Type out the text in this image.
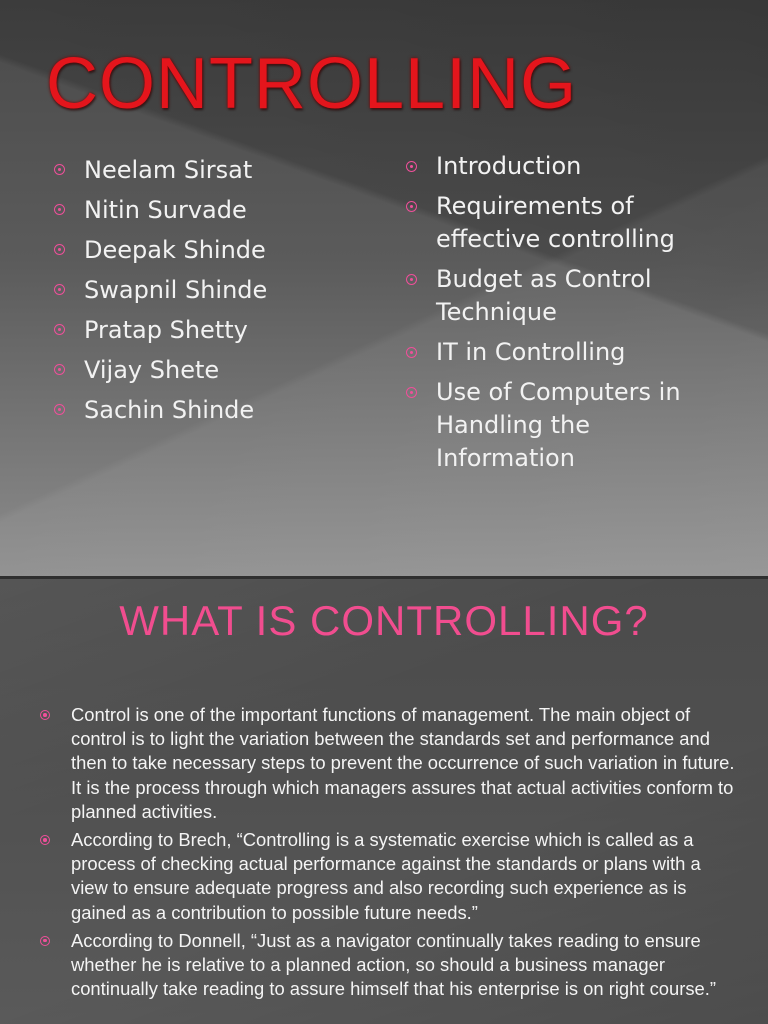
CONTROLLING
Neelam Sirsat
Nitin Survade
Deepak Shinde
Swapnil Shinde
Pratap Shetty
Vijay Shete
Sachin Shinde
Introduction
Requirements of effective controlling
Budget as Control Technique
IT in Controlling
Use of Computers in Handling the Information
WHAT IS CONTROLLING?
Control is one of the important functions of management. The main object of control is to light the variation between the standards set and performance and then to take necessary steps to prevent the occurrence of such variation in future. It is the process through which managers assures that actual activities conform to planned activities.
According to Brech, “Controlling is a systematic exercise which is called as a process of checking actual performance against the standards or plans with a view to ensure adequate progress and also recording such experience as is gained as a contribution to possible future needs.”
According to Donnell, “Just as a navigator continually takes reading to ensure whether he is relative to a planned action, so should a business manager continually take reading to assure himself that his enterprise is on right course.”
